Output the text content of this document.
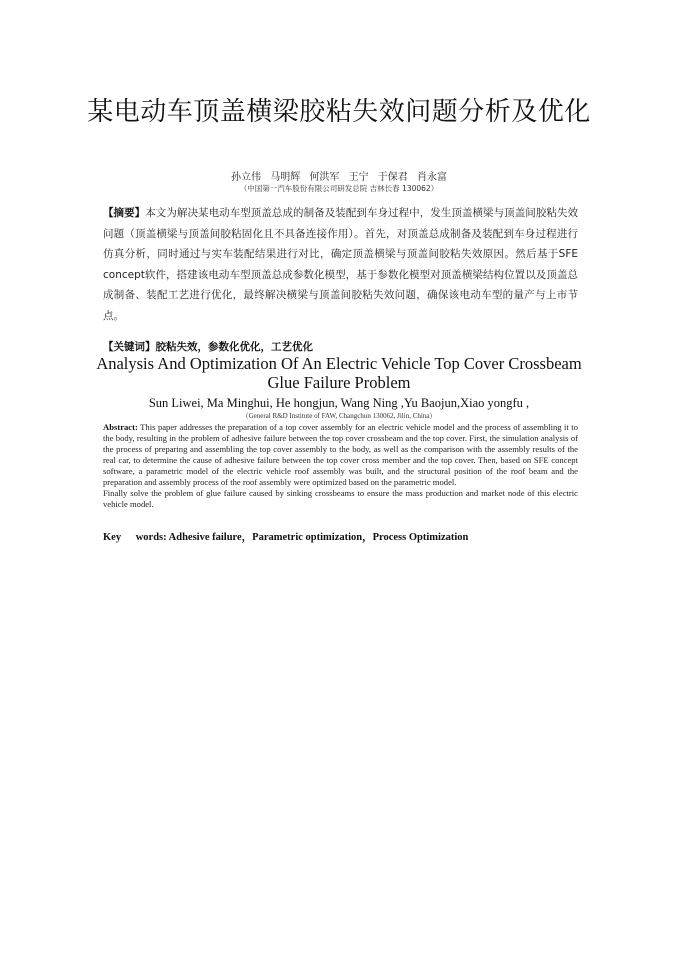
某电动车顶盖横梁胶粘失效问题分析及优化
孙立伟 马明辉 何洪军 王宁 于保君 肖永富
（中国第一汽车股份有限公司研发总院 吉林长春 130062）
【摘要】本文为解决某电动车型顶盖总成的制备及装配到车身过程中，发生顶盖横梁与顶盖间胶粘失效问题（顶盖横梁与顶盖间胶粘固化且不具备连接作用）。首先，对顶盖总成制备及装配到车身过程进行仿真分析，同时通过与实车装配结果进行对比，确定顶盖横梁与顶盖间胶粘失效原因。然后基于SFE concept软件，搭建该电动车型顶盖总成参数化模型，基于参数化模型对顶盖横梁结构位置以及顶盖总成制备、装配工艺进行优化，最终解决横梁与顶盖间胶粘失效问题，确保该电动车型的量产与上市节点。
【关键词】胶粘失效，参数化优化，工艺优化
Analysis And Optimization Of An Electric Vehicle Top Cover Crossbeam Glue Failure Problem
Sun Liwei, Ma Minghui, He hongjun, Wang Ning ,Yu Baojun,Xiao yongfu ,
（General R&D Institute of FAW, Changchun 130062, Jilin, China）

Abstract: This paper addresses the preparation of a top cover assembly for an electric vehicle model and the process of assembling it to the body, resulting in the problem of adhesive failure between the top cover crossbeam and the top cover. First, the simulation analysis of the process of preparing and assembling the top cover assembly to the body, as well as the comparison with the assembly results of the real car, to determine the cause of adhesive failure between the top cover cross member and the top cover. Then, based on SFE concept software, a parametric model of the electric vehicle roof assembly was built, and the structural position of the roof beam and the preparation and assembly process of the roof assembly were optimized based on the parametric model.

Finally solve the problem of glue failure caused by sinking crossbeams to ensure the mass production and market node of this electric vehicle model.

Key words: Adhesive failure，Parametric optimization，Process Optimization
